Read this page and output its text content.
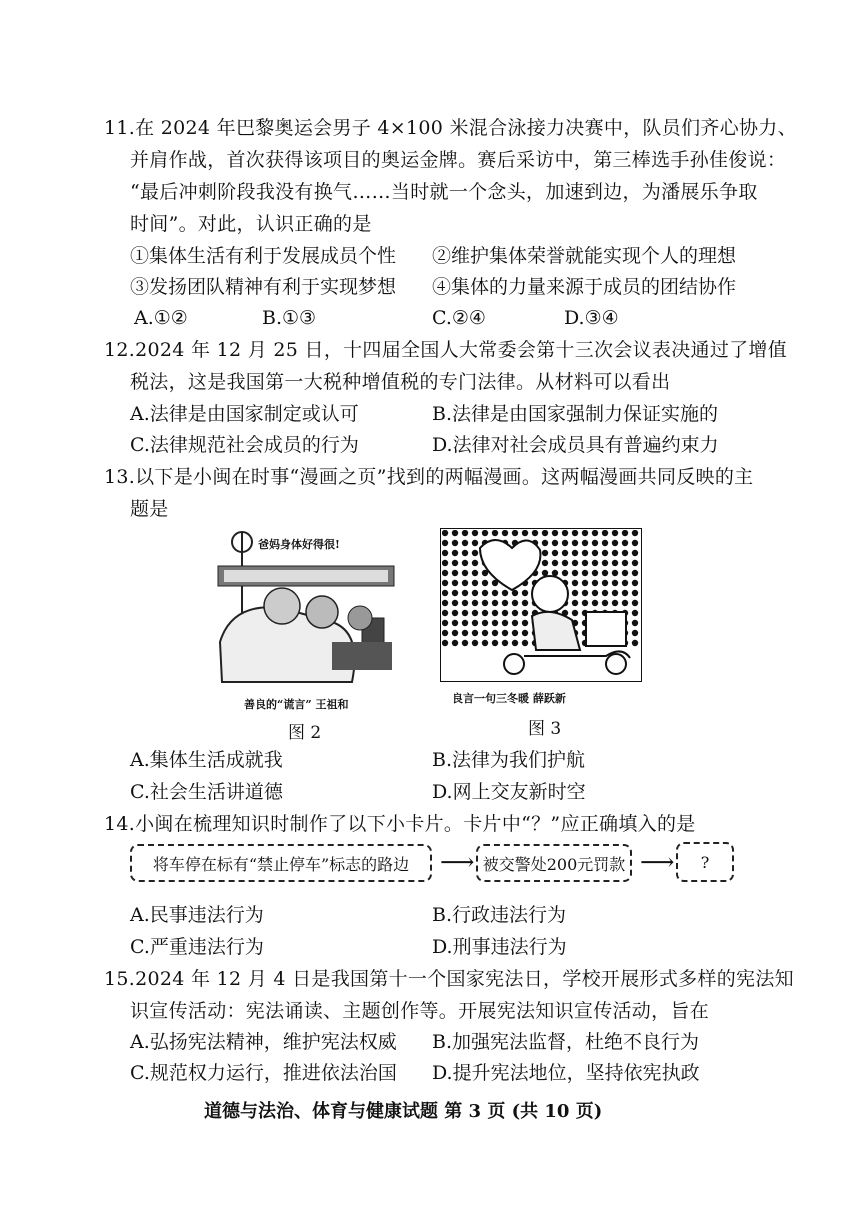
11.在 2024 年巴黎奥运会男子 4×100 米混合泳接力决赛中，队员们齐心协力、
并肩作战，首次获得该项目的奥运金牌。赛后采访中，第三棒选手孙佳俊说：
“最后冲刺阶段我没有换气……当时就一个念头，加速到边，为潘展乐争取
时间”。对此，认识正确的是
①集体生活有利于发展成员个性 ②维护集体荣誉就能实现个人的理想
③发扬团队精神有利于实现梦想 ④集体的力量来源于成员的团结协作
A.①②	B.①③	C.②④	D.③④
12.2024 年 12 月 25 日，十四届全国人大常委会第十三次会议表决通过了增值
税法，这是我国第一大税种增值税的专门法律。从材料可以看出
A.法律是由国家制定或认可	B.法律是由国家强制力保证实施的
C.法律规范社会成员的行为	D.法律对社会成员具有普遍约束力
13.以下是小闽在时事“漫画之页”找到的两幅漫画。这两幅漫画共同反映的主
题是
爸妈身体好得很!
善良的“谎言” 王祖和
图 2
良言一句三冬暖 薛跃新
图 3
A.集体生活成就我	B.法律为我们护航
C.社会生活讲道德	D.网上交友新时空
14.小闽在梳理知识时制作了以下小卡片。卡片中“？”应正确填入的是
将车停在标有“禁止停车”标志的路边	⟶ 被交警处200元罚款 ⟶	?
A.民事违法行为	B.行政违法行为
C.严重违法行为	D.刑事违法行为
15.2024 年 12 月 4 日是我国第十一个国家宪法日，学校开展形式多样的宪法知
识宣传活动：宪法诵读、主题创作等。开展宪法知识宣传活动，旨在
A.弘扬宪法精神，维护宪法权威 B.加强宪法监督，杜绝不良行为
C.规范权力运行，推进依法治国 D.提升宪法地位，坚持依宪执政
道德与法治、体育与健康试题 第 3 页 (共 10 页)
